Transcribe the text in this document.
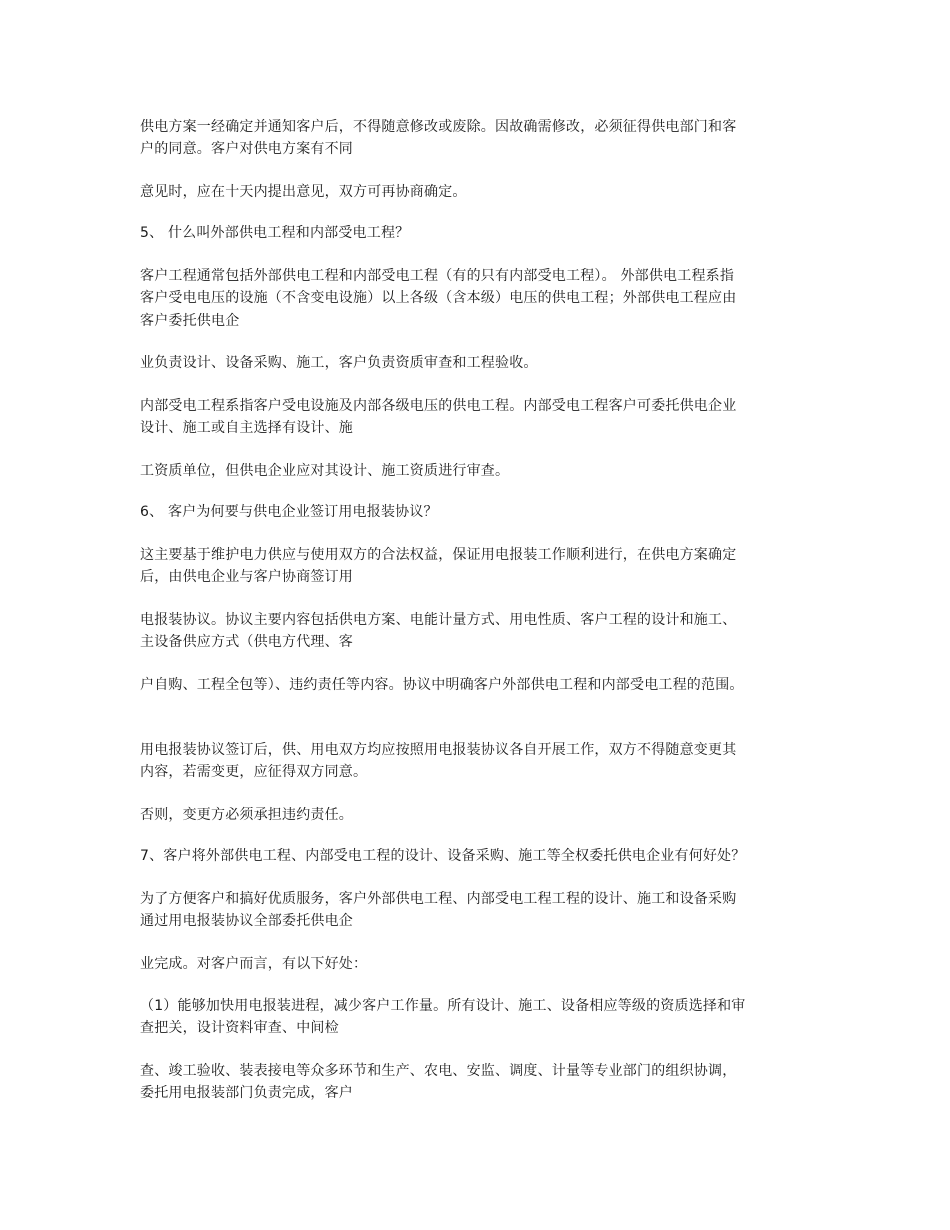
供电方案一经确定并通知客户后，不得随意修改或废除。因故确需修改，必须征得供电部门和客
户的同意。客户对供电方案有不同
意见时，应在十天内提出意见，双方可再协商确定。
5、 什么叫外部供电工程和内部受电工程？
客户工程通常包括外部供电工程和内部受电工程（有的只有内部受电工程）。 外部供电工程系指
客户受电电压的设施（不含变电设施）以上各级（含本级）电压的供电工程；外部供电工程应由
客户委托供电企
业负责设计、设备采购、施工，客户负责资质审查和工程验收。
内部受电工程系指客户受电设施及内部各级电压的供电工程。内部受电工程客户可委托供电企业
设计、施工或自主选择有设计、施
工资质单位，但供电企业应对其设计、施工资质进行审查。
6、 客户为何要与供电企业签订用电报装协议？
这主要基于维护电力供应与使用双方的合法权益，保证用电报装工作顺利进行，在供电方案确定
后，由供电企业与客户协商签订用
电报装协议。协议主要内容包括供电方案、电能计量方式、用电性质、客户工程的设计和施工、
主设备供应方式（供电方代理、客
户自购、工程全包等）、违约责任等内容。协议中明确客户外部供电工程和内部受电工程的范围。
用电报装协议签订后，供、用电双方均应按照用电报装协议各自开展工作，双方不得随意变更其
内容，若需变更，应征得双方同意。
否则，变更方必须承担违约责任。
7、客户将外部供电工程、内部受电工程的设计、设备采购、施工等全权委托供电企业有何好处？
为了方便客户和搞好优质服务，客户外部供电工程、内部受电工程工程的设计、施工和设备采购
通过用电报装协议全部委托供电企
业完成。对客户而言，有以下好处：
（1）能够加快用电报装进程，减少客户工作量。所有设计、施工、设备相应等级的资质选择和审
查把关，设计资料审查、中间检
查、竣工验收、装表接电等众多环节和生产、农电、安监、调度、计量等专业部门的组织协调，
委托用电报装部门负责完成，客户
